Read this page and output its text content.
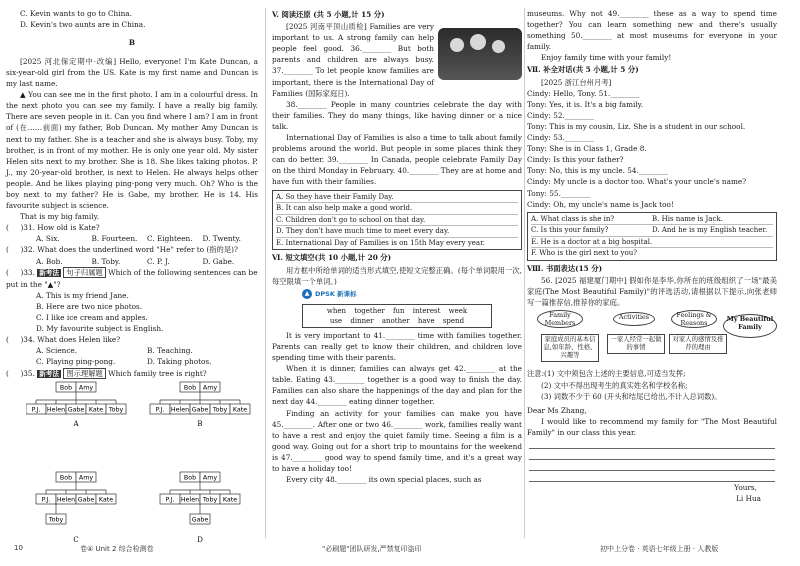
C. Kevin wants to go to China.

D. Kevin's two aunts are in China.

B

[2025 河北保定期中·改编] Hello, everyone! I'm Kate Duncan, a six-year-old girl from the US. Kate is my first name and Duncan is my last name.

▲ You can see me in the first photo. I am in a colourful dress. In the next photo you can see my family. I have a really big family. There are seven people in it. Can you find where I am? I am in front of (在……前面) my father, Bob Duncan. My mother Amy Duncan is next to my father. She is a teacher and she is always busy. Toby, my brother, is in front of my mother. He is only one year old. My sister Helen sits next to my brother. She is 18. She likes taking photos. P. J., my 20-year-old brother, is next to Helen. He always helps other people. And he likes playing ping-pong very much. Oh? Who is the boy next to my father? He is Gabe, my brother. He is 14. His favourite subject is science.

That is my big family.

(     )31. How old is Kate?

A. Six.	B. Fourteen.	C. Eighteen.	D. Twenty.

(     )32. What does the underlined word "He" refer to (指的是)?

A. Bob.	B. Toby.	C. P. J.	D. Gabe.

(     )33. 新考法 句子归属题 Which of the following sentences can be put in the "▲"?

A. This is my friend Jane.
B. Here are two nice photos.
C. I like ice cream and apples.
D. My favourite subject is English.

(     )34. What does Helen like?

A. Science.	B. Teaching.
C. Playing ping-pong.	D. Taking photos.

(     )35. 新考法 图示理解题 Which family tree is right?

Bob Amy
P.J. Helen Gabe Kate Toby
A
Bob Amy
P.J. Helen Gabe Toby Kate
B
Bob Amy
P.J. Helen Gabe Kate
Toby
C
Bob Amy
P.J. Helen Toby Kate
Gabe
D

V. 阅读还原 (共 5 小题,计 15 分)

[2025 河南平顶山质检] Families are very important to us. A strong family can help people feel good. 36.________ But both parents and children are always busy. 37.________ To let people know families are important, there is the International Day of Families (国际家庭日).

38.________ People in many countries celebrate the day with their families. They do many things, like having dinner or a nice talk.

International Day of Families is also a time to talk about family problems around the world. But people in some places think they can do better. 39.________ In Canada, people celebrate Family Day on the third Monday in February. 40.________ They are at home and have fun with their families.

A. So they have their Family Day.
B. It can also help make a good world.
C. Children don't go to school on that day.
D. They don't have much time to meet every day.
E. International Day of Families is on 15th May every year.

Ⅵ. 短文填空(共 10 小题,计 20 分)

用方框中所给单词的适当形式填空,使短文完整正确。(每个单词限用一次,每空限填一个单词。)

▲ DPSK 新课标
when together fun interest week
use dinner another have spend

It is very important to 41.________ time with families together. Parents can really get to know their children, and children love spending time with their parents.

When it is dinner, families can always get 42.________ at the table. Eating 43.________ together is a good way to finish the day. Families can also share the happenings of the day and plan for the next day 44.________ eating dinner together.

Finding an activity for your families can make you have 45.________. After one or two 46.________ work, families really want to have a rest and enjoy the quiet family time. Seeing a film is a good way. Going out for a short trip to mountains for the weekend is 47.________ good way to spend family time, and it's a great way to have a holiday too!

Every city 48.________ its own special places, such as

museums. Why not 49.________ these as a way to spend time together? You can learn something new and there's usually something 50.________ at most museums for everyone in your family.

Enjoy family time with your family!

Ⅶ. 补全对话(共 5 小题,计 5 分)

[2025 浙江台州月考]

Cindy: Hello, Tony. 51.________

Tony: Yes, it is. It's a big family.

Cindy: 52.________

Tony: This is my cousin, Liz. She is a student in our school.

Cindy: 53.________

Tony: She is in Class 1, Grade 8.

Cindy: Is this your father?

Tony: No, this is my uncle. 54.________

Cindy: My uncle is a doctor too. What's your uncle's name?

Tony: 55.________

Cindy: Oh, my uncle's name is Jack too!

A. What class is she in?	B. His name is Jack.
C. Is this your family?	D. And he is my English teacher.
E. He is a doctor at a big hospital.
F. Who is the girl next to you?

Ⅷ. 书面表达(15 分)

56. [2025 福建厦门期中] 假如你是李华,你所在的班级组织了一场"最美家庭(The Most Beautiful Family)"的评选活动,请根据以下提示,向张老师写一篇推荐信,推荐你的家庭。

Family Members
Activities	Feelings & Reasons	My Beautiful Family
家庭成员的基本信息,如年龄、性格、兴趣等
一家人经常一起做的事情
对家人的感情及推荐的理由

注意:(1) 文中须包含上述的主要信息,可适当发挥;

(2) 文中不得出现考生的真实姓名和学校名称;

(3) 词数不少于 60 (开头和结尾已给出,不计入总词数)。

Dear Ms Zhang,

I would like to recommend my family for "The Most Beautiful Family" in our class this year.

Yours,

Li Hua

10	卷④ Unit 2 综合检测卷	"必刷题"团队研发,严禁复印盗印	初中上分卷 · 英语七年级上册 · 人教版
